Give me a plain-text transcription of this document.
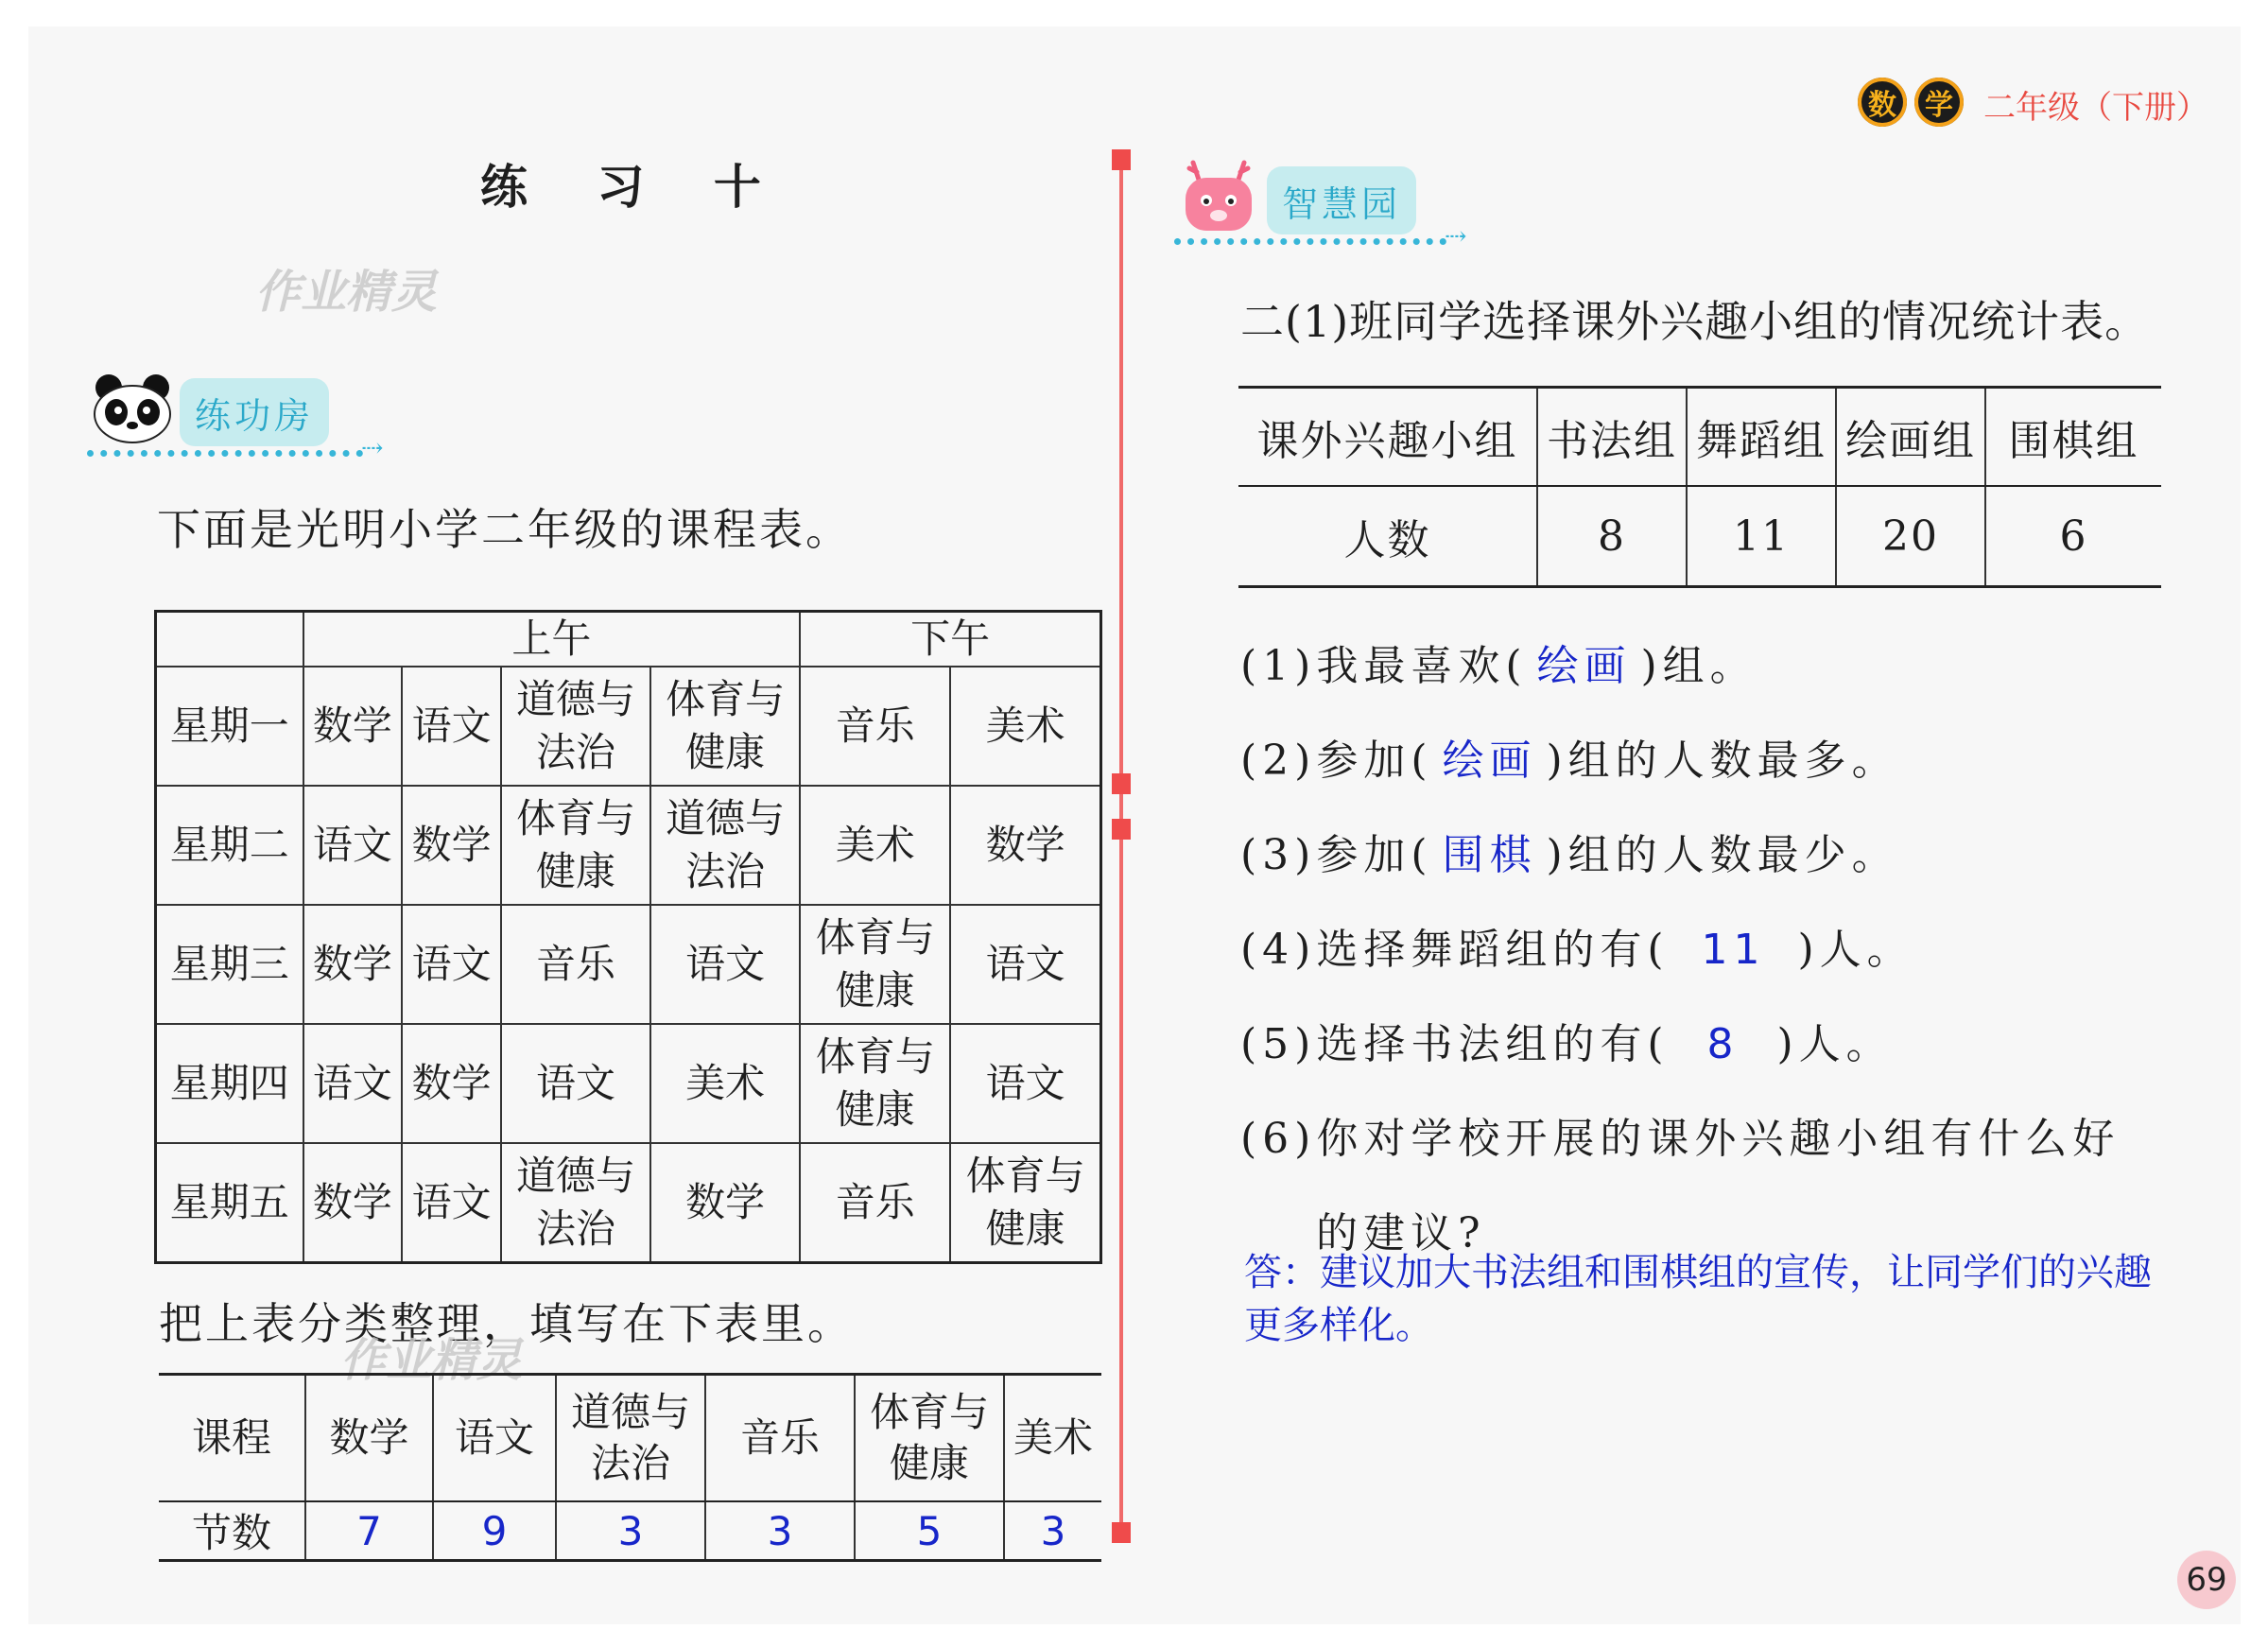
数	学 二年级（下册）
练 习 十
作业精灵
练功房
⇢
下面是光明小学二年级的课程表。
	上午				下午	
星期一	数学	语文	道德与
法治	体育与
健康	音乐	美术
星期二	语文	数学	体育与
健康	道德与
法治	美术	数学
星期三	数学	语文	音乐	语文	体育与
健康	语文
星期四	语文	数学	语文	美术	体育与
健康	语文
星期五	数学	语文	道德与
法治	数学	音乐	体育与
健康
把上表分类整理，填写在下表里。
作业精灵
课程	数学	语文	道德与
法治	音乐	体育与
健康	美术
节数	7	9	3	3	5	3
智慧园
⇢
二(1)班同学选择课外兴趣小组的情况统计表。
课外兴趣小组	书法组	舞蹈组	绘画组	围棋组
人数	8	11	20	6
(1)我最喜欢( 绘画 )组。
(2)参加( 绘画 )组的人数最多。
(3)参加( 围棋 )组的人数最少。
(4)选择舞蹈组的有( 11 )人。
(5)选择书法组的有( 8 )人。
(6)你对学校开展的课外兴趣小组有什么好
的建议?
答：建议加大书法组和围棋组的宣传，让同学们的兴趣更多样化。
69
